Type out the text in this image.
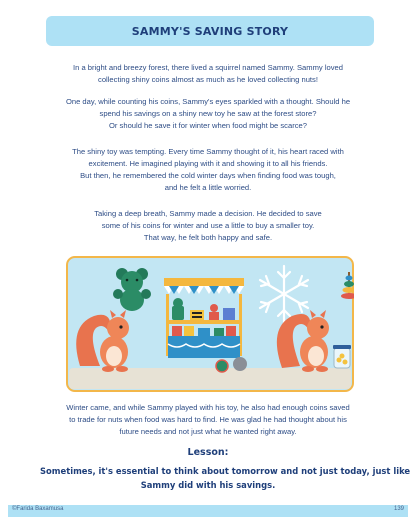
SAMMY'S SAVING STORY
In a bright and breezy forest, there lived a squirrel named Sammy. Sammy loved
collecting shiny coins almost as much as he loved collecting nuts!
One day, while counting his coins, Sammy's eyes sparkled with a thought. Should he
spend his savings on a shiny new toy he saw at the forest store?
Or should he save it for winter when food might be scarce?
The shiny toy was tempting. Every time Sammy thought of it, his heart raced with
excitement. He imagined playing with it and showing it to all his friends.
But then, he remembered the cold winter days when finding food was tough,
and he felt a little worried.
Taking a deep breath, Sammy made a decision. He decided to save
some of his coins for winter and use a little to buy a smaller toy.
That way, he felt both happy and safe.
Winter came, and while Sammy played with his toy, he also had enough coins saved
to trade for nuts when food was hard to find. He was glad he had thought about his
future needs and not just what he wanted right away.
Lesson:
Sometimes, it's essential to think about tomorrow and not just today, just like
Sammy did with his savings.
©Farida Baxamusa	139
